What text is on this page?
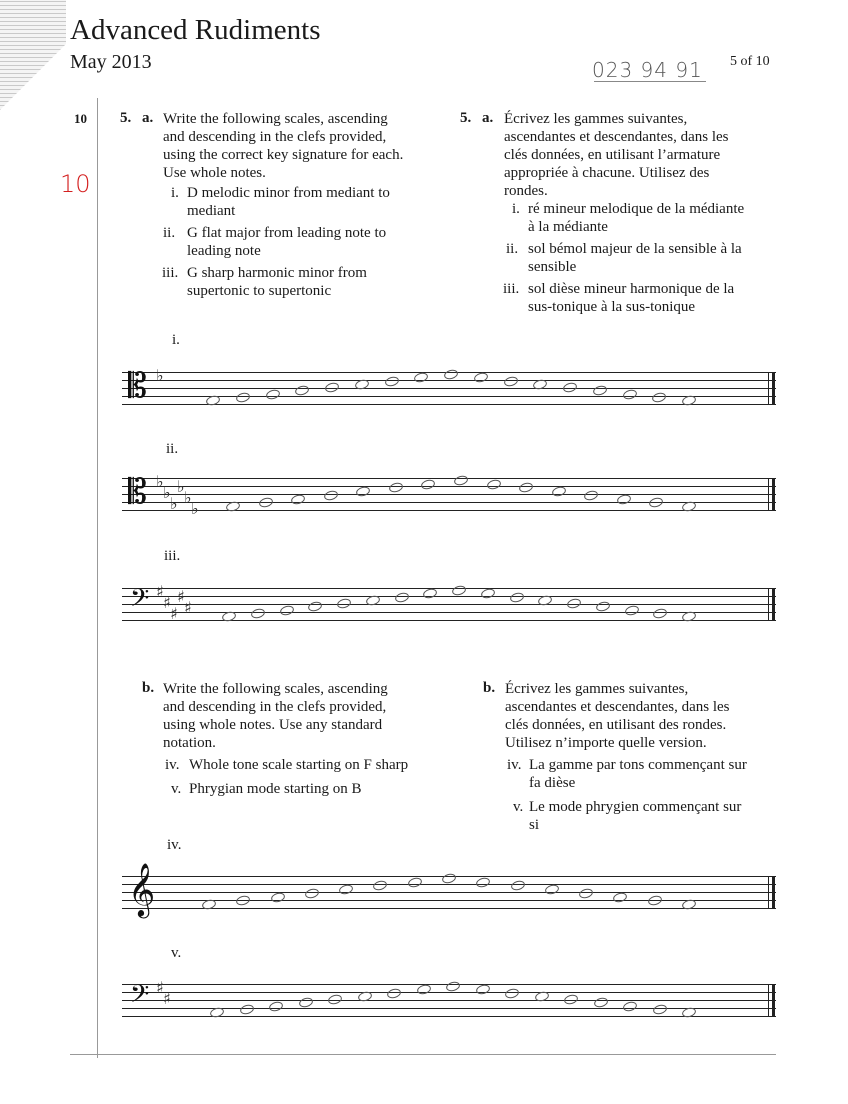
Advanced Rudiments
May 2013	023 94 91 5 of 10
10
10
5. a. Write the following scales, ascending
and descending in the clefs provided,
using the correct key signature for each.
Use whole notes.
i. D melodic minor from mediant to
mediant
ii. G flat major from leading note to
leading note
iii. G sharp harmonic minor from
supertonic to supertonic
5. a. Écrivez les gammes suivantes,
ascendantes et descendantes, dans les
clés données, en utilisant l’armature
appropriée à chacune. Utilisez des
rondes.
i. ré mineur melodique de la médiante
à la médiante
ii. sol bémol majeur de la sensible à la
sensible
iii. sol dièse mineur harmonique de la
sus-tonique à la sus-tonique
i.
𝄡 ♭
ii.
𝄡 ♭
♭
♭
♭
♭
♭
iii.
𝄢 ♯
♯
♯
♯
♯
b. Write the following scales, ascending
and descending in the clefs provided,
using whole notes. Use any standard
notation.
iv. Whole tone scale starting on F sharp
v. Phrygian mode starting on B
b. Écrivez les gammes suivantes,
ascendantes et descendantes, dans les
clés données, en utilisant des rondes.
Utilisez n’importe quelle version.
iv. La gamme par tons commençant sur
fa dièse
v. Le mode phrygien commençant sur
si
iv.
𝄞
v.
𝄢 ♯
♯
